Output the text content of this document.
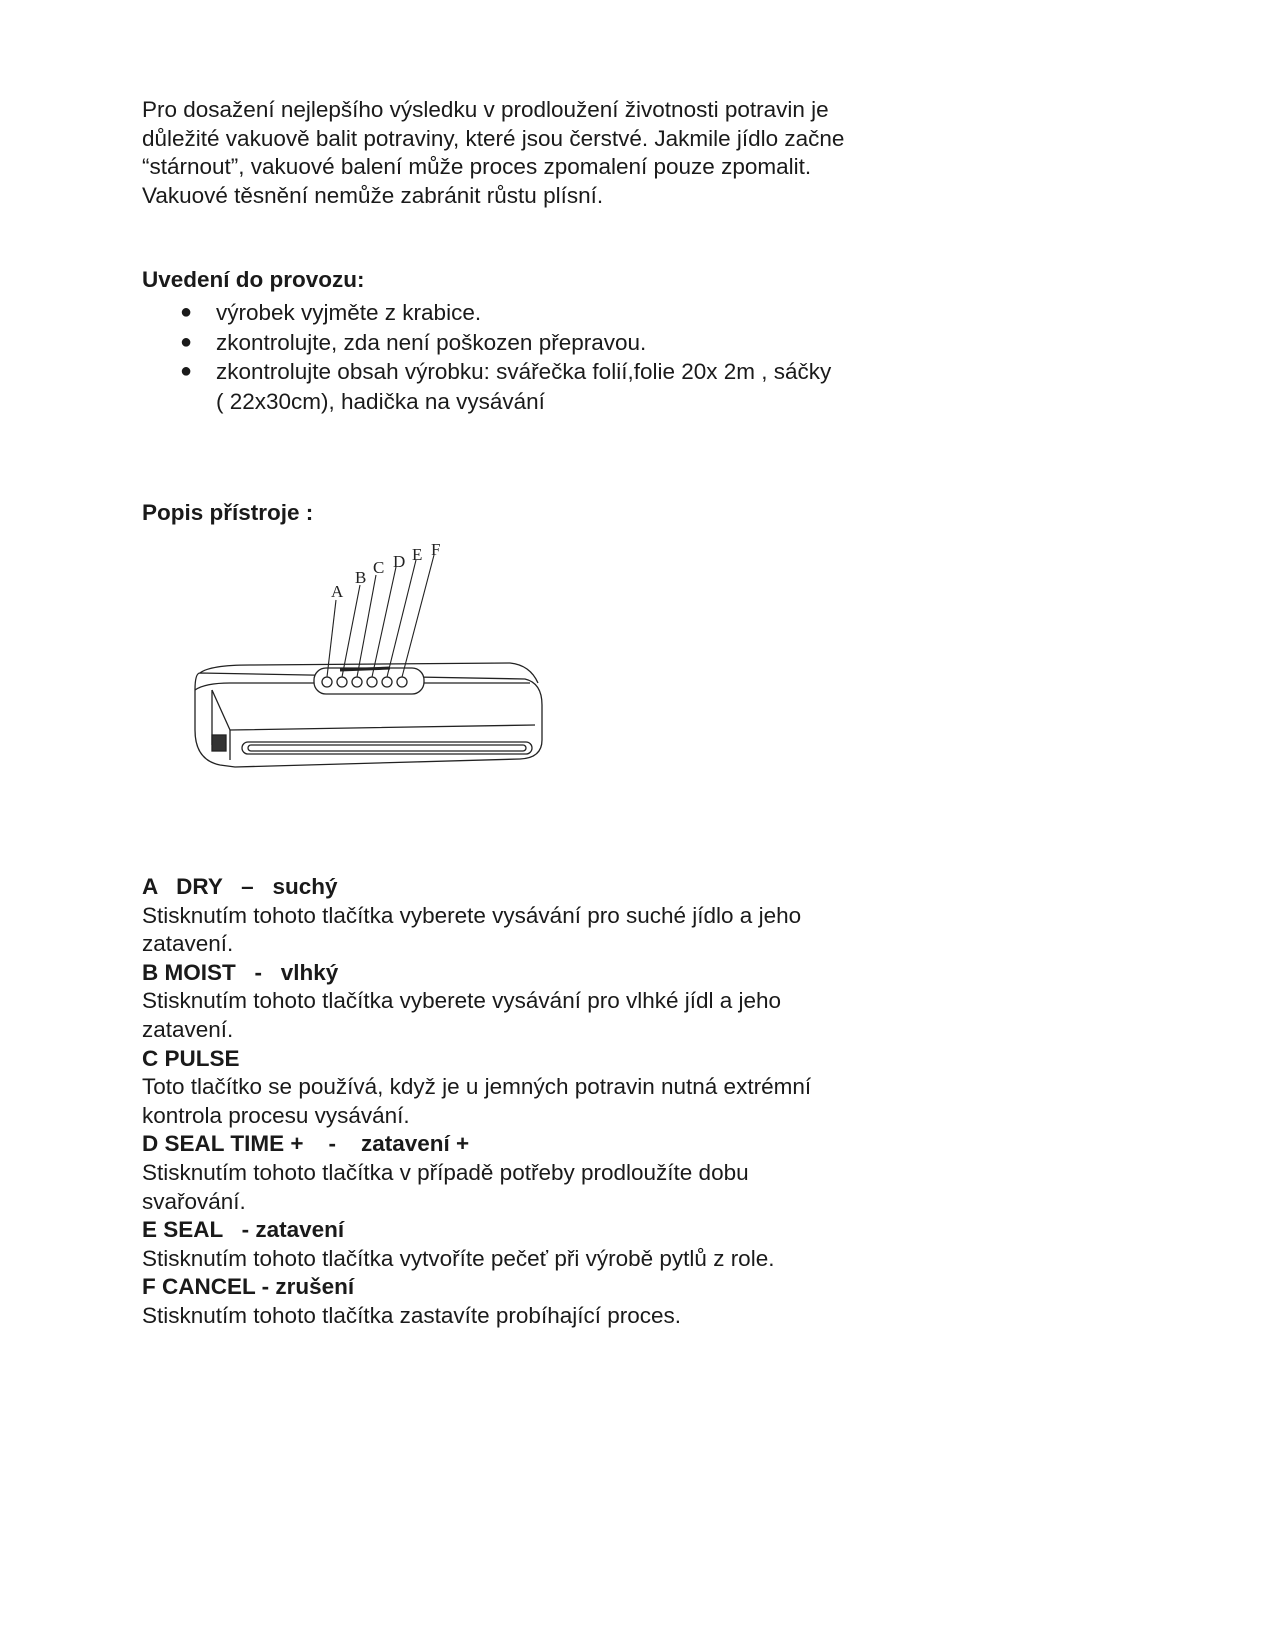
Pro dosažení nejlepšího výsledku v prodloužení životnosti potravin je
důležité vakuově balit potraviny, které jsou čerstvé. Jakmile jídlo začne
“stárnout”, vakuové balení může proces zpomalení pouze zpomalit.
Vakuové těsnění nemůže zabránit růstu plísní.

Uvedení do provozu:
● výrobek vyjměte z krabice.
● zkontrolujte, zda není poškozen přepravou.
● zkontrolujte obsah výrobku: svářečka folií,folie 20x 2m , sáčky
( 22x30cm), hadička na vysávání
Popis přístroje :
A
B
C D E F
A   DRY   –   suchý
Stisknutím tohoto tlačítka vyberete vysávání pro suché jídlo a jeho
zatavení.
B MOIST   -   vlhký
Stisknutím tohoto tlačítka vyberete vysávání pro vlhké jídl a jeho
zatavení.
C PULSE
Toto tlačítko se používá, když je u jemných potravin nutná extrémní
kontrola procesu vysávání.
D SEAL TIME +    -    zatavení +
Stisknutím tohoto tlačítka v případě potřeby prodloužíte dobu
svařování.
E SEAL   - zatavení
Stisknutím tohoto tlačítka vytvoříte pečeť při výrobě pytlů z role.
F CANCEL - zrušení
Stisknutím tohoto tlačítka zastavíte probíhající proces.
